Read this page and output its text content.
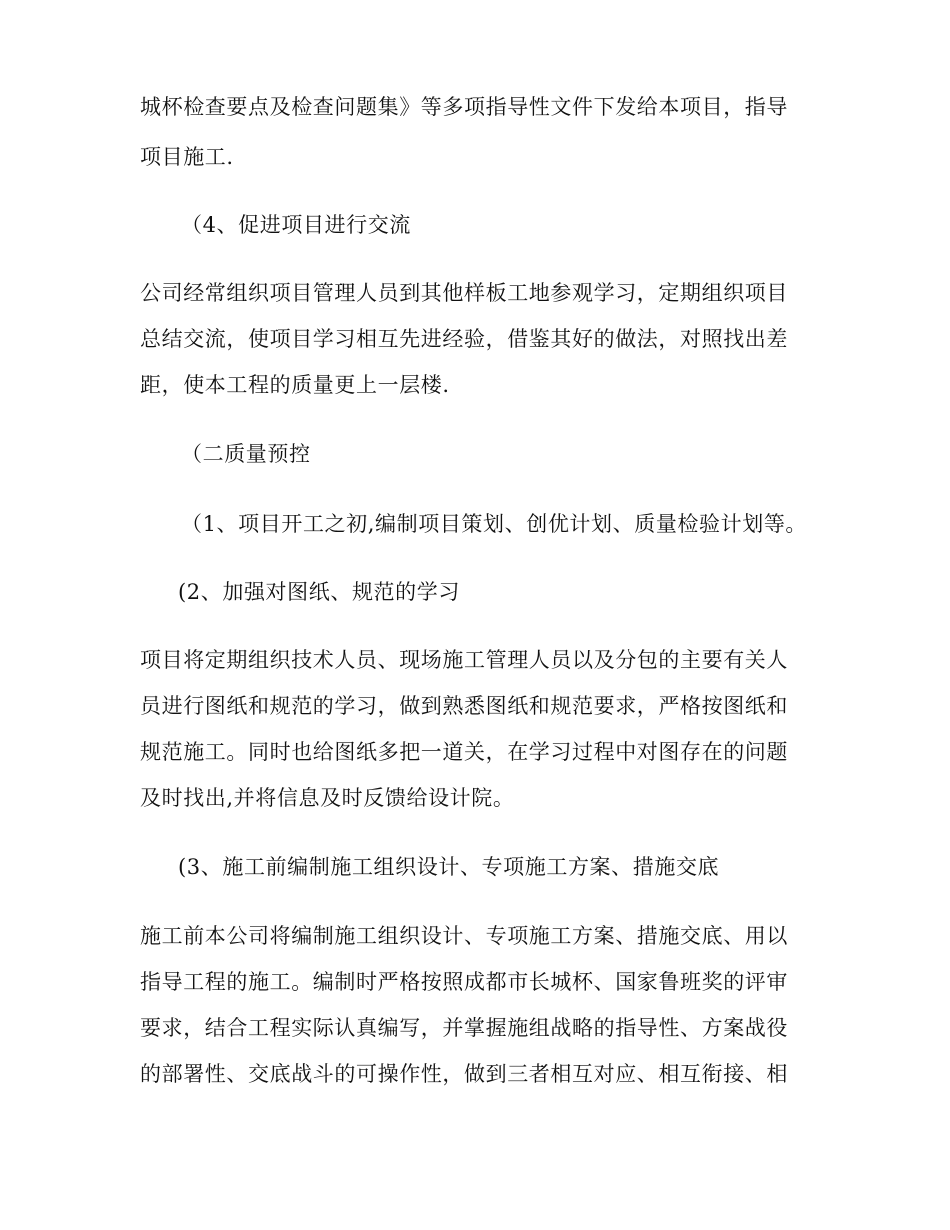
城杯检查要点及检查问题集》等多项指导性文件下发给本项目，指导
项目施工.
（4、促进项目进行交流
公司经常组织项目管理人员到其他样板工地参观学习，定期组织项目
总结交流，使项目学习相互先进经验，借鉴其好的做法，对照找出差
距，使本工程的质量更上一层楼.
（二质量预控
（1、项目开工之初,编制项目策划、创优计划、质量检验计划等。
(2、加强对图纸、规范的学习
项目将定期组织技术人员、现场施工管理人员以及分包的主要有关人
员进行图纸和规范的学习，做到熟悉图纸和规范要求，严格按图纸和
规范施工。同时也给图纸多把一道关，在学习过程中对图存在的问题
及时找出,并将信息及时反馈给设计院。
(3、施工前编制施工组织设计、专项施工方案、措施交底
施工前本公司将编制施工组织设计、专项施工方案、措施交底、用以
指导工程的施工。编制时严格按照成都市长城杯、国家鲁班奖的评审
要求，结合工程实际认真编写，并掌握施组战略的指导性、方案战役
的部署性、交底战斗的可操作性，做到三者相互对应、相互衔接、相
